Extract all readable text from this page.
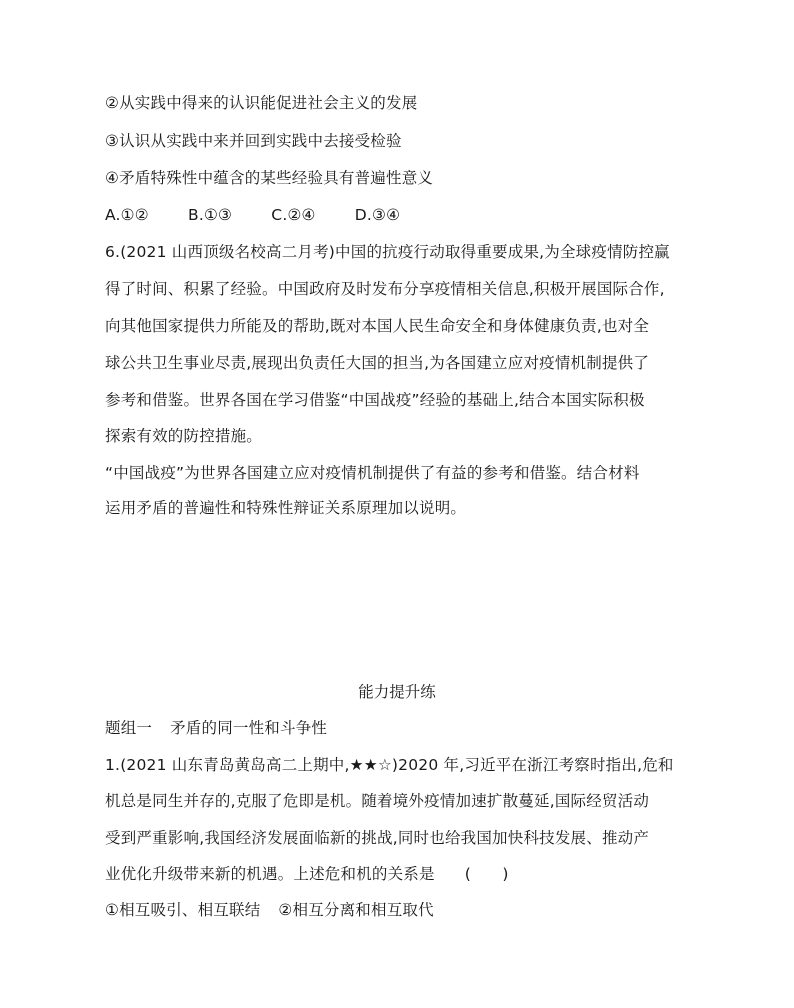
②从实践中得来的认识能促进社会主义的发展
③认识从实践中来并回到实践中去接受检验
④矛盾特殊性中蕴含的某些经验具有普遍性意义
A.①②	B.①③	C.②④	D.③④
6.(2021 山西顶级名校高二月考)中国的抗疫行动取得重要成果,为全球疫情防控赢
得了时间、积累了经验。中国政府及时发布分享疫情相关信息,积极开展国际合作,
向其他国家提供力所能及的帮助,既对本国人民生命安全和身体健康负责,也对全
球公共卫生事业尽责,展现出负责任大国的担当,为各国建立应对疫情机制提供了
参考和借鉴。世界各国在学习借鉴“中国战疫”经验的基础上,结合本国实际积极
探索有效的防控措施。
“中国战疫”为世界各国建立应对疫情机制提供了有益的参考和借鉴。结合材料
运用矛盾的普遍性和特殊性辩证关系原理加以说明。
能力提升练
题组一 矛盾的同一性和斗争性
1.(2021 山东青岛黄岛高二上期中,★★☆)2020 年,习近平在浙江考察时指出,危和
机总是同生并存的,克服了危即是机。随着境外疫情加速扩散蔓延,国际经贸活动
受到严重影响,我国经济发展面临新的挑战,同时也给我国加快科技发展、推动产
业优化升级带来新的机遇。上述危和机的关系是 (　　)
①相互吸引、相互联结 ②相互分离和相互取代
